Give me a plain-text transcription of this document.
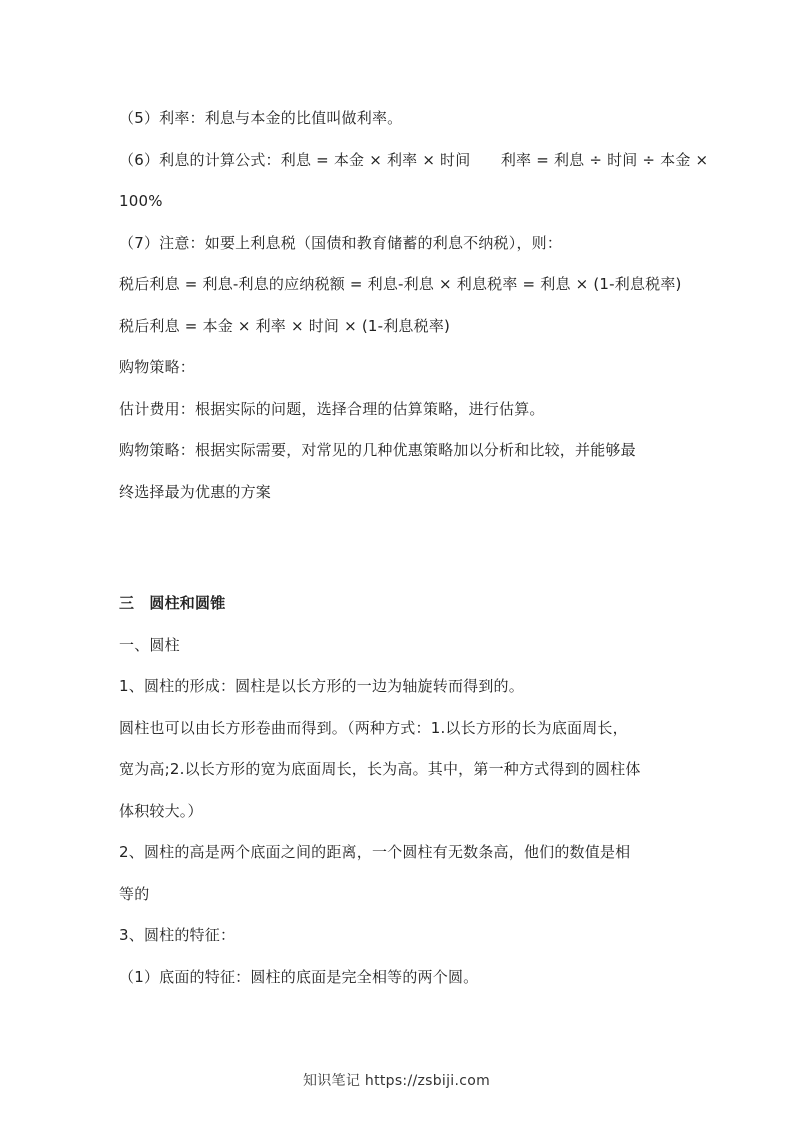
（5）利率：利息与本金的比值叫做利率。
（6）利息的计算公式：利息 = 本金 × 利率 × 时间　　利率 = 利息 ÷ 时间 ÷ 本金 ×
100%
（7）注意：如要上利息税（国债和教育储蓄的利息不纳税），则：
税后利息 = 利息-利息的应纳税额 = 利息-利息 × 利息税率 = 利息 × (1-利息税率)
税后利息 = 本金 × 利率 × 时间 × (1-利息税率)
购物策略：
估计费用：根据实际的问题，选择合理的估算策略，进行估算。
购物策略：根据实际需要，对常见的几种优惠策略加以分析和比较，并能够最
终选择最为优惠的方案
三　圆柱和圆锥
一、圆柱
1、圆柱的形成：圆柱是以长方形的一边为轴旋转而得到的。
圆柱也可以由长方形卷曲而得到。（两种方式：1.以长方形的长为底面周长，
宽为高;2.以长方形的宽为底面周长，长为高。其中，第一种方式得到的圆柱体
体积较大。）
2、圆柱的高是两个底面之间的距离，一个圆柱有无数条高，他们的数值是相
等的
3、圆柱的特征：
（1）底面的特征：圆柱的底面是完全相等的两个圆。
知识笔记 https://zsbiji.com
